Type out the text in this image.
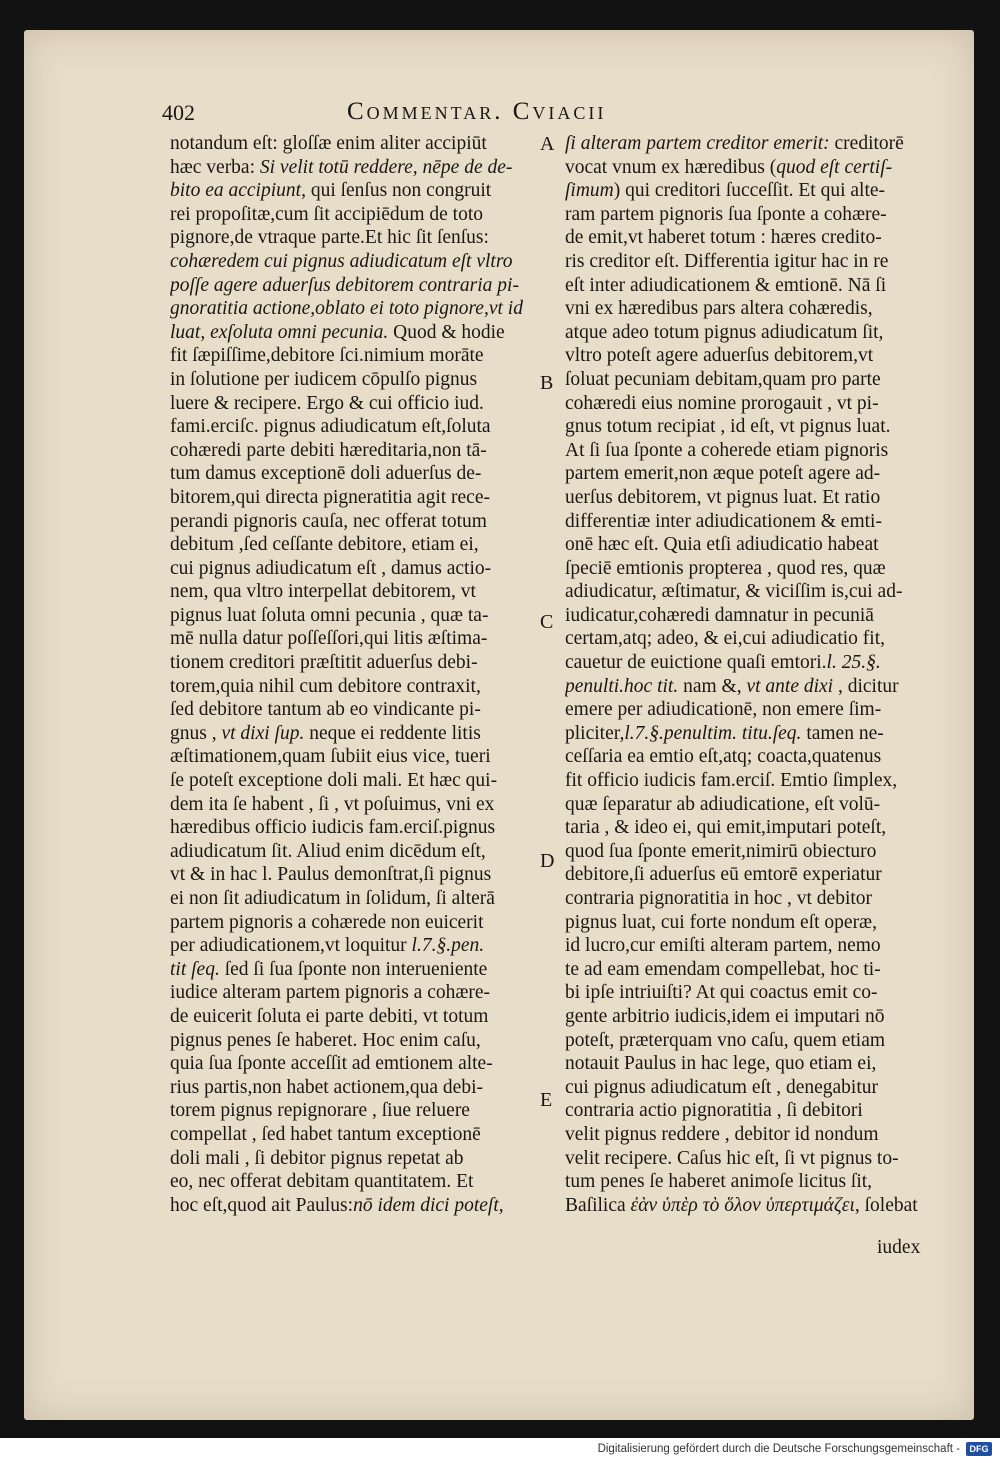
402	Commentar. Cviacii
notandum eſt: gloſſæ enim aliter accipiūt
hæc verba: Si velit totū reddere, nēpe de de-
bito ea accipiunt, qui ſenſus non congruit
rei propoſitæ,cum ſit accipiēdum de toto
pignore,de vtraque parte.Et hic ſit ſenſus:
cohæredem cui pignus adiudicatum eſt vltro
poſſe agere aduerſus debitorem contraria pi-
gnoratitia actione,oblato ei toto pignore,vt id
luat, exſoluta omni pecunia. Quod & hodie
fit ſæpiſſime,debitore ſci.nimium morāte
in ſolutione per iudicem cōpulſo pignus
luere & recipere. Ergo & cui officio iud.
fami.erciſc. pignus adiudicatum eſt,ſoluta
cohæredi parte debiti hæreditaria,non tā-
tum damus exceptionē doli aduerſus de-
bitorem,qui directa pigneratitia agit rece-
perandi pignoris cauſa, nec offerat totum
debitum ,ſed ceſſante debitore, etiam ei,
cui pignus adiudicatum eſt , damus actio-
nem, qua vltro interpellat debitorem, vt
pignus luat ſoluta omni pecunia , quæ ta-
mē nulla datur poſſeſſori,qui litis æſtima-
tionem creditori præſtitit aduerſus debi-
torem,quia nihil cum debitore contraxit,
ſed debitore tantum ab eo vindicante pi-
gnus , vt dixi ſup. neque ei reddente litis
æſtimationem,quam ſubiit eius vice, tueri
ſe poteſt exceptione doli mali. Et hæc qui-
dem ita ſe habent , ſi , vt poſuimus, vni ex
hæredibus officio iudicis fam.erciſ.pignus
adiudicatum ſit. Aliud enim dicēdum eſt,
vt & in hac l. Paulus demonſtrat,ſi pignus
ei non ſit adiudicatum in ſolidum, ſi alterā
partem pignoris a cohærede non euicerit
per adiudicationem,vt loquitur l.7.§.pen.
tit ſeq. ſed ſi ſua ſponte non interueniente
iudice alteram partem pignoris a cohære-
de euicerit ſoluta ei parte debiti, vt totum
pignus penes ſe haberet. Hoc enim caſu,
quia ſua ſponte acceſſit ad emtionem alte-
rius partis,non habet actionem,qua debi-
torem pignus repignorare , ſiue reluere
compellat , ſed habet tantum exceptionē
doli mali , ſi debitor pignus repetat ab
eo, nec offerat debitam quantitatem. Et
hoc eſt,quod ait Paulus:nō idem dici poteſt,
ſi alteram partem creditor emerit: creditorē
vocat vnum ex hæredibus (quod eſt certiſ-
ſimum) qui creditori ſucceſſit. Et qui alte-
ram partem pignoris ſua ſponte a cohære-
de emit,vt haberet totum : hæres credito-
ris creditor eſt. Differentia igitur hac in re
eſt inter adiudicationem & emtionē. Nā ſi
vni ex hæredibus pars altera cohæredis,
atque adeo totum pignus adiudicatum ſit,
vltro poteſt agere aduerſus debitorem,vt
ſoluat pecuniam debitam,quam pro parte
cohæredi eius nomine prorogauit , vt pi-
gnus totum recipiat , id eſt, vt pignus luat.
At ſi ſua ſponte a coherede etiam pignoris
partem emerit,non æque poteſt agere ad-
uerſus debitorem, vt pignus luat. Et ratio
differentiæ inter adiudicationem & emti-
onē hæc eſt. Quia etſi adiudicatio habeat
ſpeciē emtionis propterea , quod res, quæ
adiudicatur, æſtimatur, & viciſſim is,cui ad-
iudicatur,cohæredi damnatur in pecuniā
certam,atq; adeo, & ei,cui adiudicatio fit,
cauetur de euictione quaſi emtori.l. 25.§.
penulti.hoc tit. nam &, vt ante dixi , dicitur
emere per adiudicationē, non emere ſim-
pliciter,l.7.§.penultim. titu.ſeq. tamen ne-
ceſſaria ea emtio eſt,atq; coacta,quatenus
fit officio iudicis fam.erciſ. Emtio ſimplex,
quæ ſeparatur ab adiudicatione, eſt volū-
taria , & ideo ei, qui emit,imputari poteſt,
quod ſua ſponte emerit,nimirū obiecturo
debitore,ſi aduerſus eū emtorē experiatur
contraria pignoratitia in hoc , vt debitor
pignus luat, cui forte nondum eſt operæ,
id lucro,cur emiſti alteram partem, nemo
te ad eam emendam compellebat, hoc ti-
bi ipſe intriuiſti? At qui coactus emit co-
gente arbitrio iudicis,idem ei imputari nō
poteſt, præterquam vno caſu, quem etiam
notauit Paulus in hac lege, quo etiam ei,
cui pignus adiudicatum eſt , denegabitur
contraria actio pignoratitia , ſi debitori
velit pignus reddere , debitor id nondum
velit recipere. Caſus hic eſt, ſi vt pignus to-
tum penes ſe haberet animoſe licitus ſit,
Baſilica ἐὰν ὑπὲρ τὸ ὅλον ὑπερτιμάζει, ſolebat
A
B
C
D
E
iudex
Digitalisierung gefördert durch die Deutsche Forschungsgemeinschaft -	DFG
